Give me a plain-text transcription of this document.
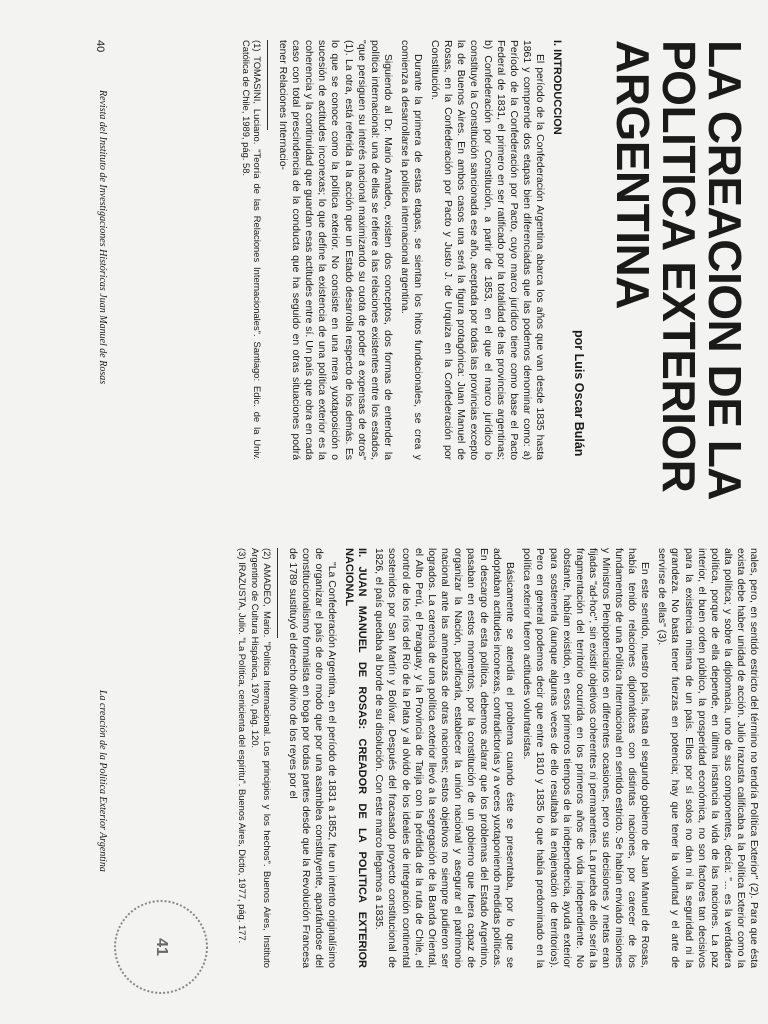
LA CREACION DE LA
POLITICA EXTERIOR
ARGENTINA
por Luis Oscar Bulán

I. INTRODUCCION

El período de la Confederación Argentina abarca los años que van desde 1835 hasta 1861 y comprende dos etapas bien diferenciadas que las podemos denominar como: a) Período de la Confederación por Pacto, cuyo marco jurídico tiene como base el Pacto Federal de 1831, el primero en ser ratificado por la totalidad de las provincias argentinas; b) Confederación por Constitución, a partir de 1853, en el que el marco jurídico lo constituye la Constitución sancionada ese año, aceptada por todas las provincias excepto la de Buenos Aires. En ambos casos una será la figura protagónica: Juan Manuel de Rosas, en la Confederación por Pacto y Justo J. de Urquiza en la Confederación por Constitución.

Durante la primera de estas etapas, se sientan los hitos fundacionales, se crea y comienza a desarrollarse la política internacional argentina.

Siguiendo al Dr. Mario Amadeo, existen dos conceptos, dos formas de entender la política internacional: una de ellas se refiere a las relaciones existentes entre los estados, "que persiguen su interés nacional maximizando su cuota de poder a expensas de otros" (1). La otra, está referida a la acción que un Estado desarrolla respecto de los demás. Es lo que se conoce como la política exterior. No consiste en una mera yuxtaposición o sucesión de actitudes inconexas; lo que define la existencia de una política exterior es la coherencia y la continuidad que guardan esas actitudes entre sí. Un país que obra en cada caso con total prescindencia de la conducta que ha seguido en otras situaciones podrá tener Relaciones Internacio-

(1) TOMASINI, Luciano. "Teoría de las Relaciones Internacionales". Santiago: Edic. de la Univ. Católica de Chile, 1989, pág. 58.

nales, pero, en sentido estricto del término no tendría Política Exterior" (2). Para que ésta exista debe haber unidad de acción. Julio Irazusta calificaba a la Política Exterior como la alta política; y sobre la diplomacia, uno de sus componentes, decía: "... es la verdadera política, porque de ella depende, en última instancia la vida de las naciones. La paz interior, el buen orden público, la prosperidad económica, no son factores tan decisivos para la existencia misma de un país. Ellos por sí solos no dan ni la seguridad ni la grandeza. No basta tener fuerzas en potencia; hay que tener la voluntad y el arte de servirse de ellas" (3).

En este sentido, nuestro país, hasta el segundo gobierno de Juan Manuel de Rosas, había tenido relaciones diplomáticas con distintas naciones, por carecer de los fundamentos de una Política Internacional en sentido estricto. Se habían enviado misiones y Ministros Plenipotenciarios en diferentes ocasiones, pero sus decisiones y metas eran fijadas "ad-hoc", sin existir objetivos coherentes ni permanentes. La prueba de ello sería la fragmentación del territorio ocurrida en los primeros años de vida independiente. No obstante, habían existido, en esos primeros tiempos de la independencia, ayuda exterior para sostenerla (aunque algunas veces de ello resultaba la enajenación de territorios). Pero en general podemos decir que entre 1810 y 1835 lo que había predominado en la política exterior fueron actitudes voluntaristas.

Básicamente se atendía el problema cuando éste se presentaba, por lo que se adoptaban actitudes inconexas, contradictorias y a veces yuxtaponiendo medidas políticas. En descargo de esta política, debemos aclarar que los problemas del Estado Argentino, pasaban en estos momentos, por la constitución de un gobierno que fuera capaz de organizar la Nación, pacificarla, establecer la unión nacional y asegurar el patrimonio nacional ante las amenazas de otras naciones; estos objetivos no siempre pudieron ser logrados. La carencia de una política exterior llevó a la segregación de la Banda Oriental, el Alto Perú, el Paraguay, y la Provincia de Tarija con la pérdida de la ruta de Chile, el control de los ríos del Río de la Plata y al olvido de los ideales de integración continental sostenidos por San Martín y Bolívar. Después del fracasado proyecto constitucional de 1826, el país quedaba al borde de su disolución. Con este marco llegamos a 1835.

II. JUAN MANUEL DE ROSAS: CREADOR DE LA POLITICA EXTERIOR NACIONAL

"La Confederación Argentina, en el período de 1831 a 1852, fue un intento originalísimo de organizar el país de otro modo que por una asamblea constituyente, apartándose del constitucionalismo formalista en boga por todas partes desde que la Revolución Francesa de 1789 sustituyó el derecho divino de los reyes por el

(2) AMADEO, Mario. "Política Internacional. Los principios y los hechos". Buenos Aires, Instituto Argentino de Cultura Hispánica, 1970, pág. 120.

(3) IRAZUSTA, Julio. "La Política, cenicienta del espíritu". Buenos Aires, Dictio, 1977, pág. 177.

40
Revista del Instituto de Investigaciones Históricas Juan Manuel de Rosas
La creación de la Política Exterior Argentina
41
